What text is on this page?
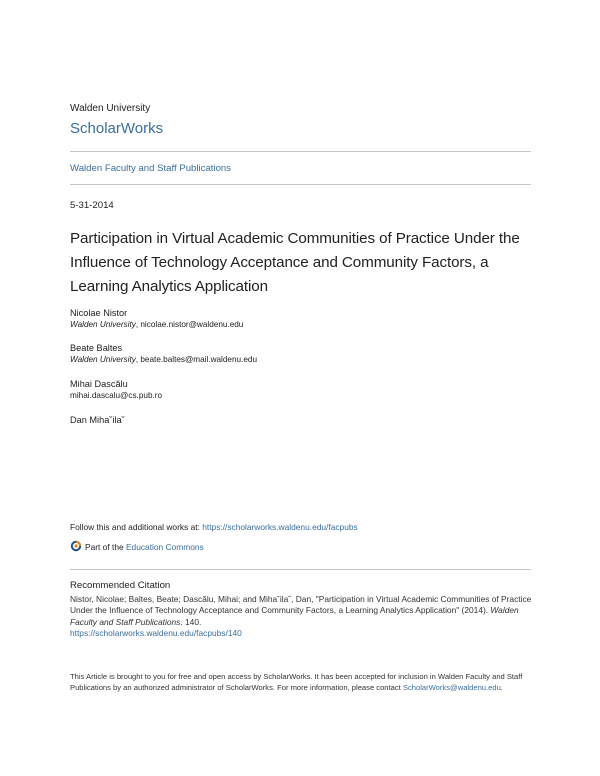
Walden University
ScholarWorks
Walden Faculty and Staff Publications
5-31-2014
Participation in Virtual Academic Communities of Practice Under the Influence of Technology Acceptance and Community Factors, a Learning Analytics Application
Nicolae Nistor
Walden University, nicolae.nistor@waldenu.edu
Beate Baltes
Walden University, beate.baltes@mail.waldenu.edu
Mihai Dascălu
mihai.dascalu@cs.pub.ro
Dan Miha˘ila˘
Follow this and additional works at: https://scholarworks.waldenu.edu/facpubs
Part of the Education Commons
Recommended Citation
Nistor, Nicolae; Baltes, Beate; Dascălu, Mihai; and Miha˘ila˘, Dan, "Participation in Virtual Academic Communities of Practice Under the Influence of Technology Acceptance and Community Factors, a Learning Analytics Application" (2014). Walden Faculty and Staff Publications. 140.
https://scholarworks.waldenu.edu/facpubs/140
This Article is brought to you for free and open access by ScholarWorks. It has been accepted for inclusion in Walden Faculty and Staff Publications by an authorized administrator of ScholarWorks. For more information, please contact ScholarWorks@waldenu.edu.
